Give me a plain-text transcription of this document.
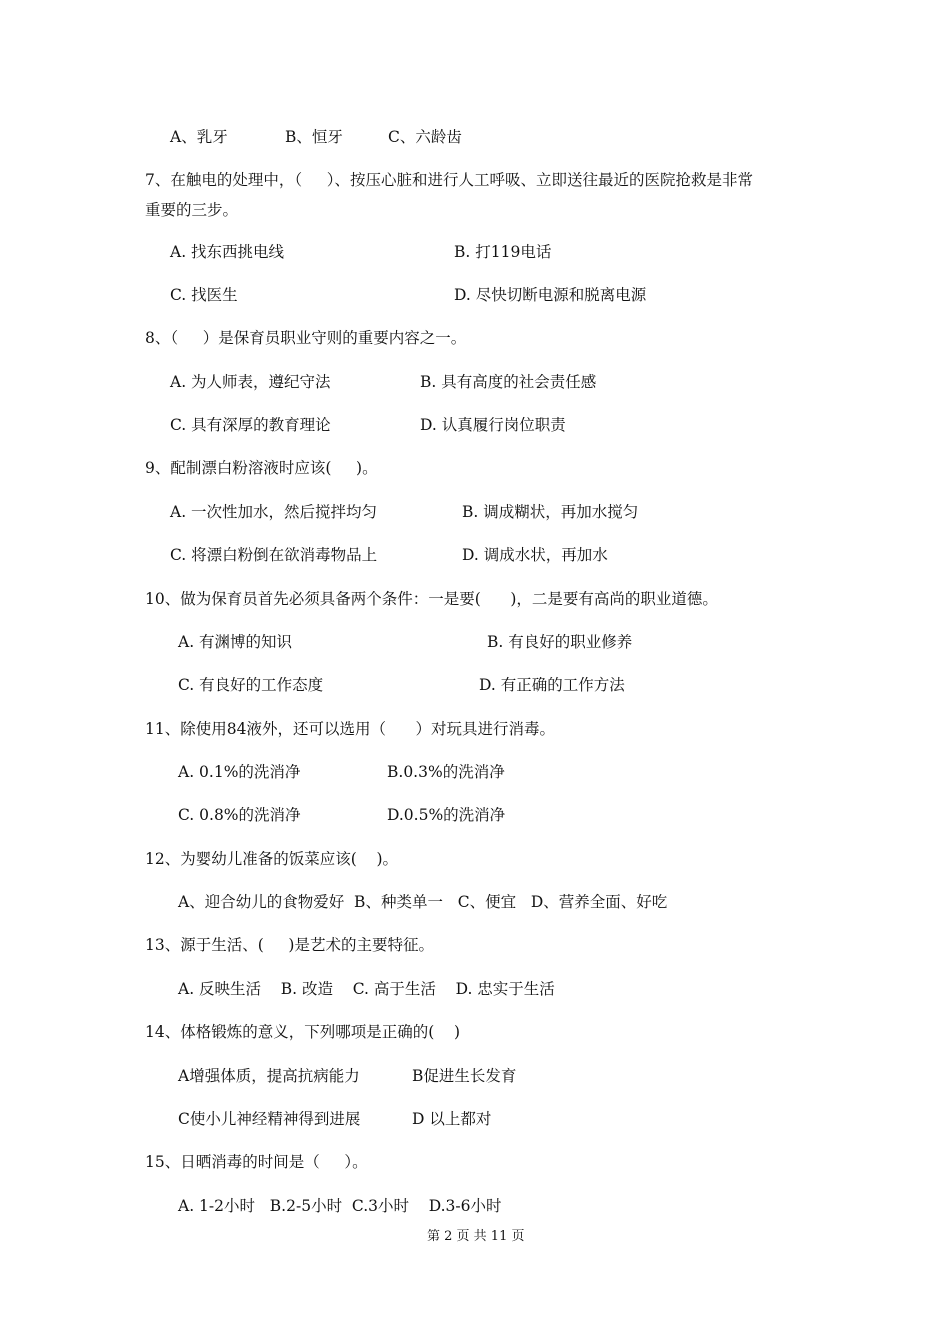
A、乳牙	B、恒牙	C、六龄齿
7、在触电的处理中，（     ）、按压心脏和进行人工呼吸、立即送往最近的医院抢救是非常
重要的三步。
A. 找东西挑电线	B. 打119电话
C. 找医生	D. 尽快切断电源和脱离电源
8、（     ）是保育员职业守则的重要内容之一。
A. 为人师表，遵纪守法	B. 具有高度的社会责任感
C. 具有深厚的教育理论	D. 认真履行岗位职责
9、配制漂白粉溶液时应该(     )。
A. 一次性加水，然后搅拌均匀	B. 调成糊状，再加水搅匀
C. 将漂白粉倒在欲消毒物品上	D. 调成水状，再加水
10、做为保育员首先必须具备两个条件：一是要(      )，二是要有高尚的职业道德。
A. 有渊博的知识	B. 有良好的职业修养
C. 有良好的工作态度	D. 有正确的工作方法
11、除使用84液外，还可以选用（      ）对玩具进行消毒。
A. 0.1%的洗消净	B.0.3%的洗消净
C. 0.8%的洗消净	D.0.5%的洗消净
12、为婴幼儿准备的饭菜应该(    )。
A、迎合幼儿的食物爱好  B、种类单一   C、便宜   D、营养全面、好吃
13、源于生活、(     )是艺术的主要特征。
A. 反映生活    B. 改造    C. 高于生活    D. 忠实于生活
14、体格锻炼的意义，下列哪项是正确的(    )
A增强体质，提高抗病能力	B促进生长发育
C使小儿神经精神得到进展	D 以上都对
15、日晒消毒的时间是（     ）。
A. 1-2小时   B.2-5小时  C.3小时    D.3-6小时
第 2 页 共 11 页
